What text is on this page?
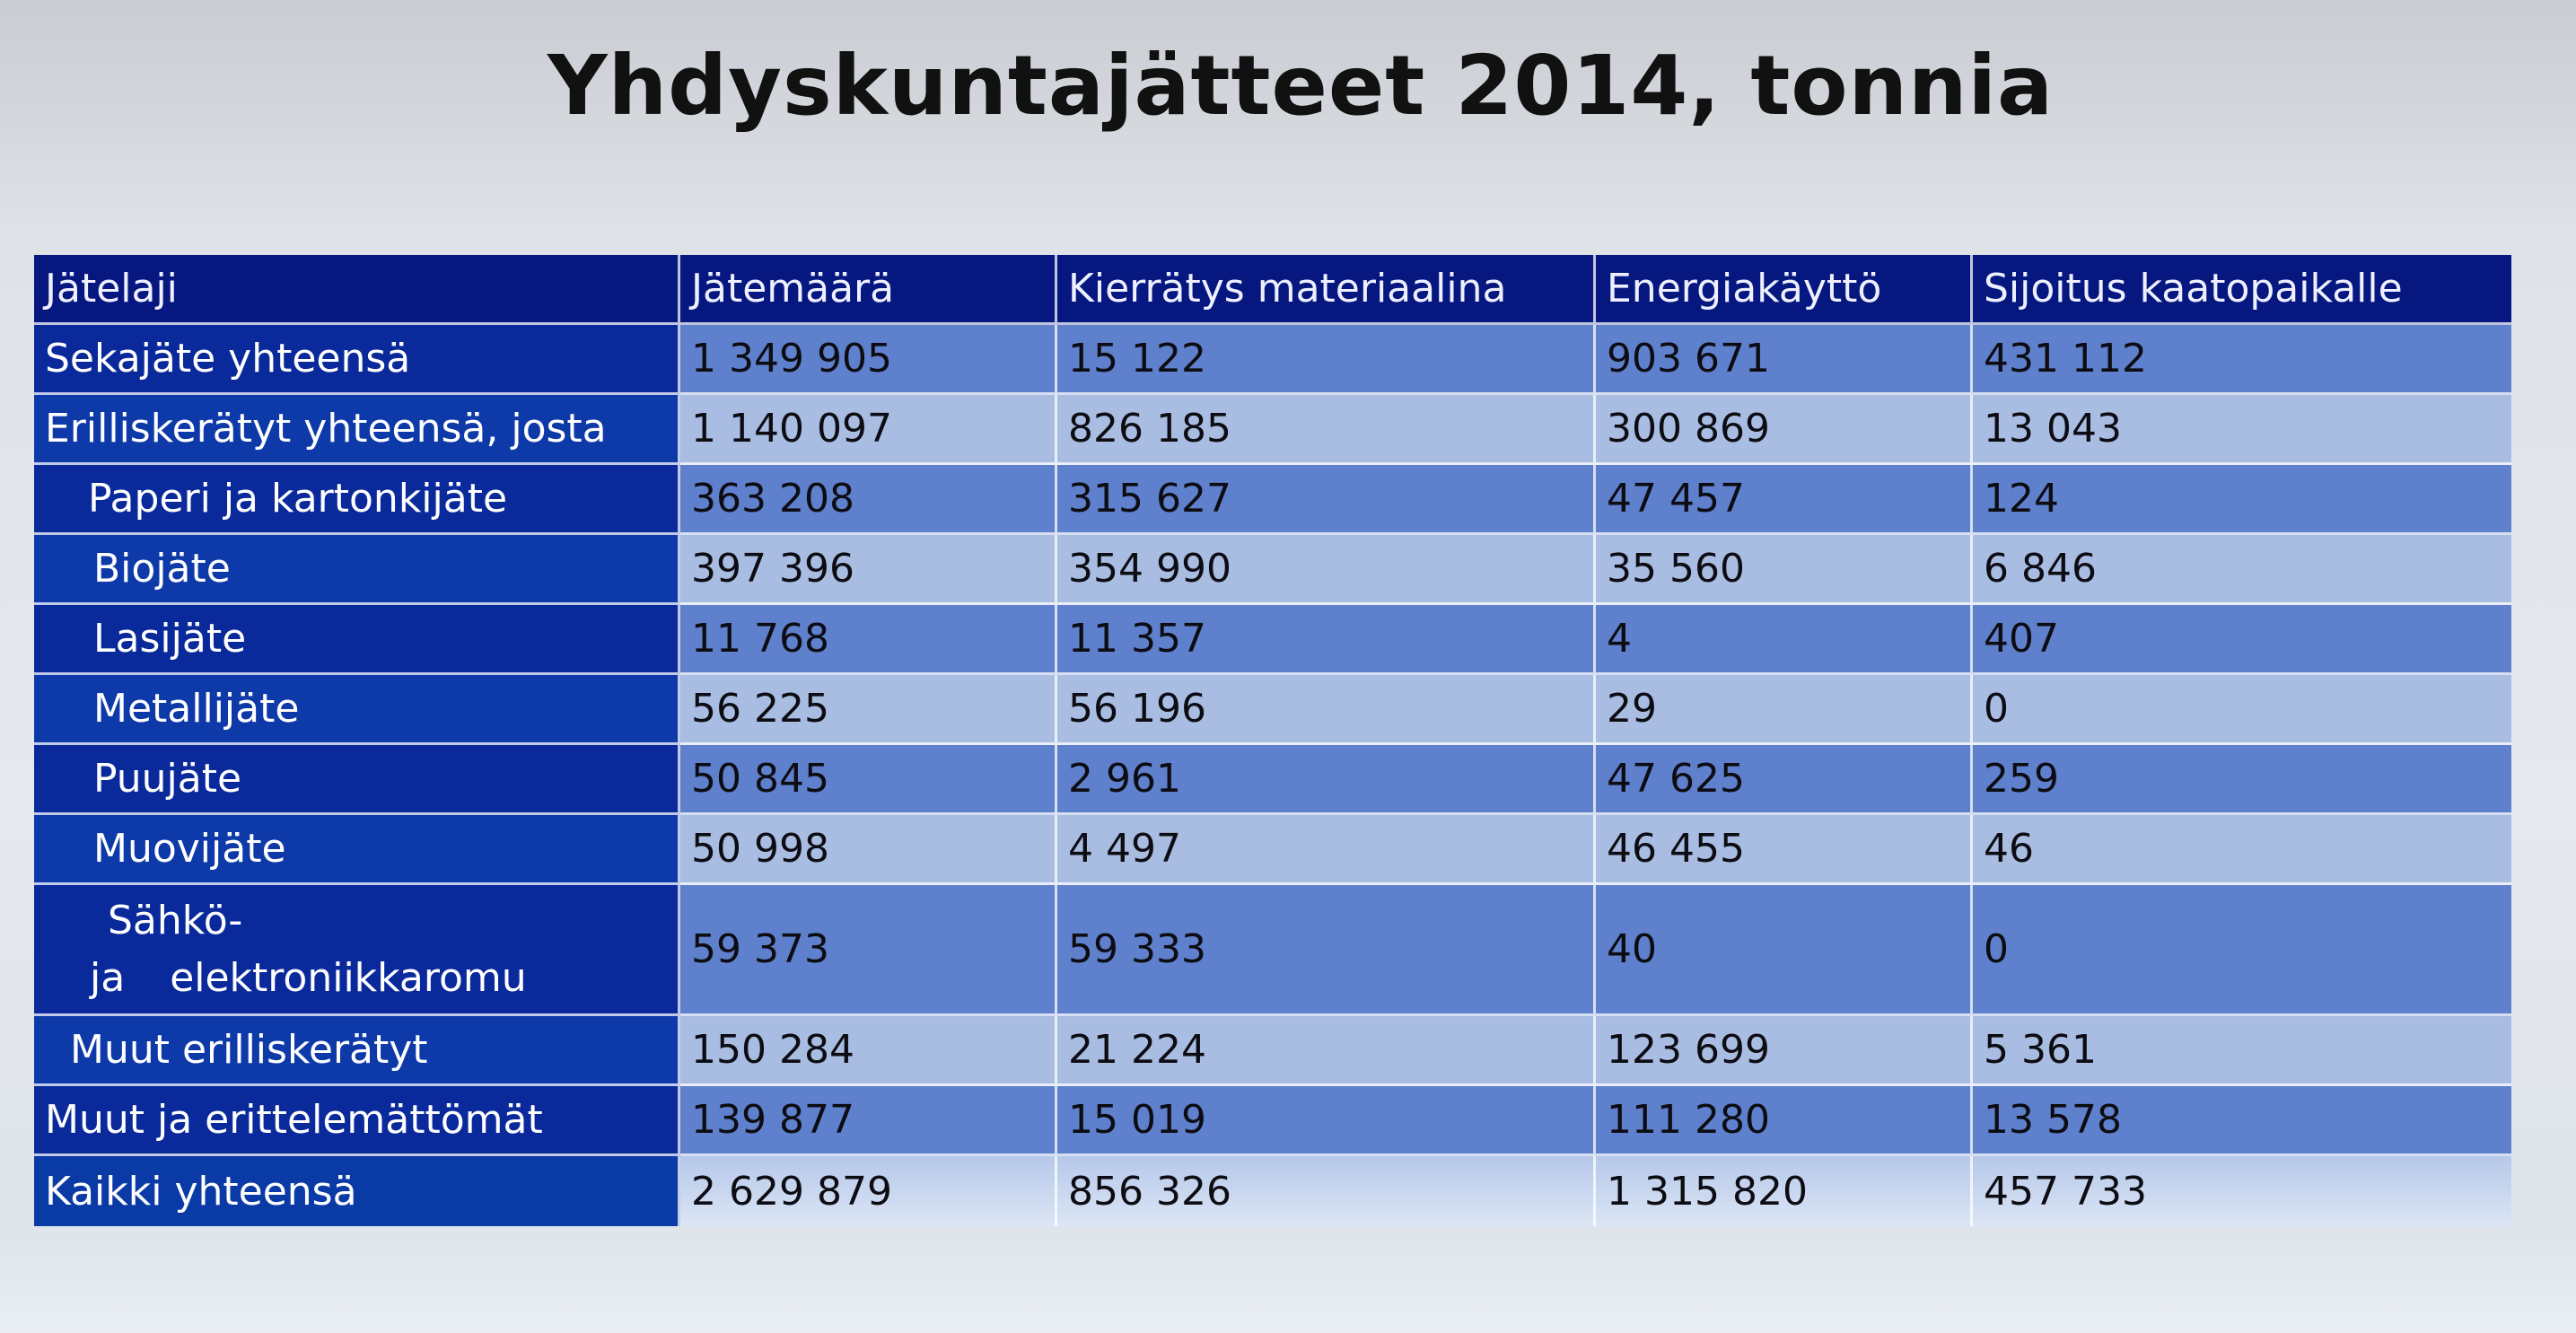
Yhdyskuntajätteet 2014, tonnia
Jätelaji	Jätemäärä	Kierrätys materiaalina	Energiakäyttö	Sijoitus kaatopaikalle
Sekajäte yhteensä	1 349 905	15 122	903 671	431 112
Erilliskerätyt yhteensä, josta	1 140 097	826 185	300 869	13 043
Paperi ja kartonkijäte	363 208	315 627	47 457	124
Biojäte	397 396	354 990	35 560	6 846
Lasijäte	11 768	11 357	4	407
Metallijäte	56 225	56 196	29	0
Puujäte	50 845	2 961	47 625	259
Muovijäte	50 998	4 497	46 455	46
Sähkö-
ja elektroniikkaromu
59 373	59 333	40	0
Muut erilliskerätyt	150 284	21 224	123 699	5 361
Muut ja erittelemättömät	139 877	15 019	111 280	13 578
Kaikki yhteensä	2 629 879	856 326	1 315 820	457 733
